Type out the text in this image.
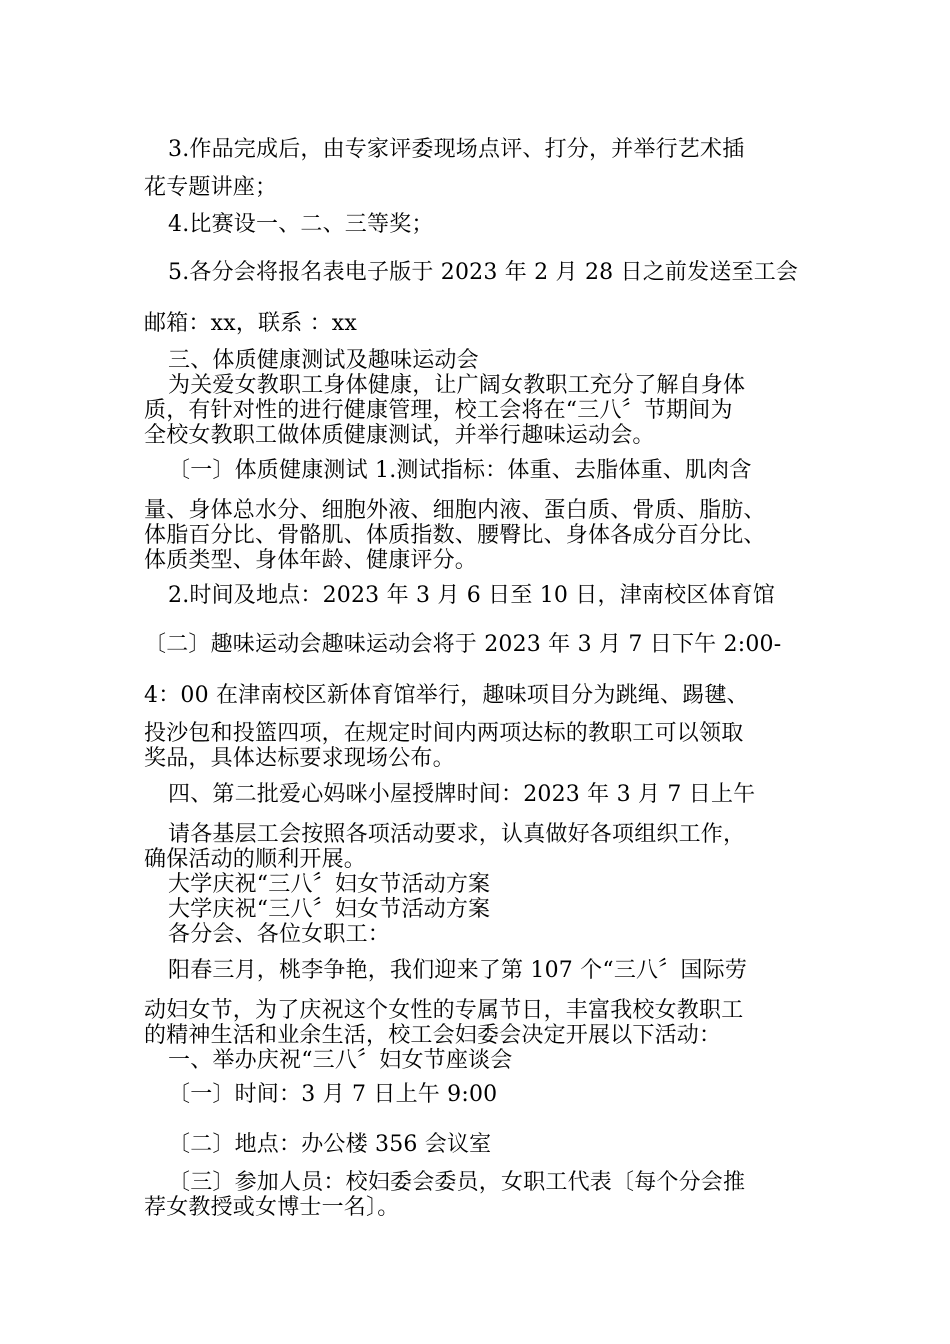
3.作品完成后，由专家评委现场点评、打分，并举行艺术插

花专题讲座；

4.比赛设一、二、三等奖；

5.各分会将报名表电子版于 2023 年 2 月 28 日之前发送至工会

邮箱：xx，联系 ：xx

三、体质健康测试及趣味运动会

为关爱女教职工身体健康，让广阔女教职工充分了解自身体

质，有针对性的进行健康管理，校工会将在“三八〞节期间为

全校女教职工做体质健康测试，并举行趣味运动会。

〔一〕体质健康测试 1.测试指标：体重、去脂体重、肌肉含

量、身体总水分、细胞外液、细胞内液、蛋白质、骨质、脂肪、

体脂百分比、骨骼肌、体质指数、腰臀比、身体各成分百分比、

体质类型、身体年龄、健康评分。

2.时间及地点：2023 年 3 月 6 日至 10 日，津南校区体育馆

〔二〕趣味运动会趣味运动会将于 2023 年 3 月 7 日下午 2:00-

4：00 在津南校区新体育馆举行，趣味项目分为跳绳、踢毽、

投沙包和投篮四项，在规定时间内两项达标的教职工可以领取

奖品，具体达标要求现场公布。

四、第二批爱心妈咪小屋授牌时间：2023 年 3 月 7 日上午

请各基层工会按照各项活动要求，认真做好各项组织工作，

确保活动的顺利开展。

大学庆祝“三八〞妇女节活动方案

大学庆祝“三八〞妇女节活动方案

各分会、各位女职工：

阳春三月，桃李争艳，我们迎来了第 107 个“三八〞国际劳

动妇女节，为了庆祝这个女性的专属节日，丰富我校女教职工

的精神生活和业余生活，校工会妇委会决定开展以下活动：

一、举办庆祝“三八〞妇女节座谈会

〔一〕时间：3 月 7 日上午 9:00

〔二〕地点：办公楼 356 会议室

〔三〕参加人员：校妇委会委员，女职工代表〔每个分会推

荐女教授或女博士一名〕。
